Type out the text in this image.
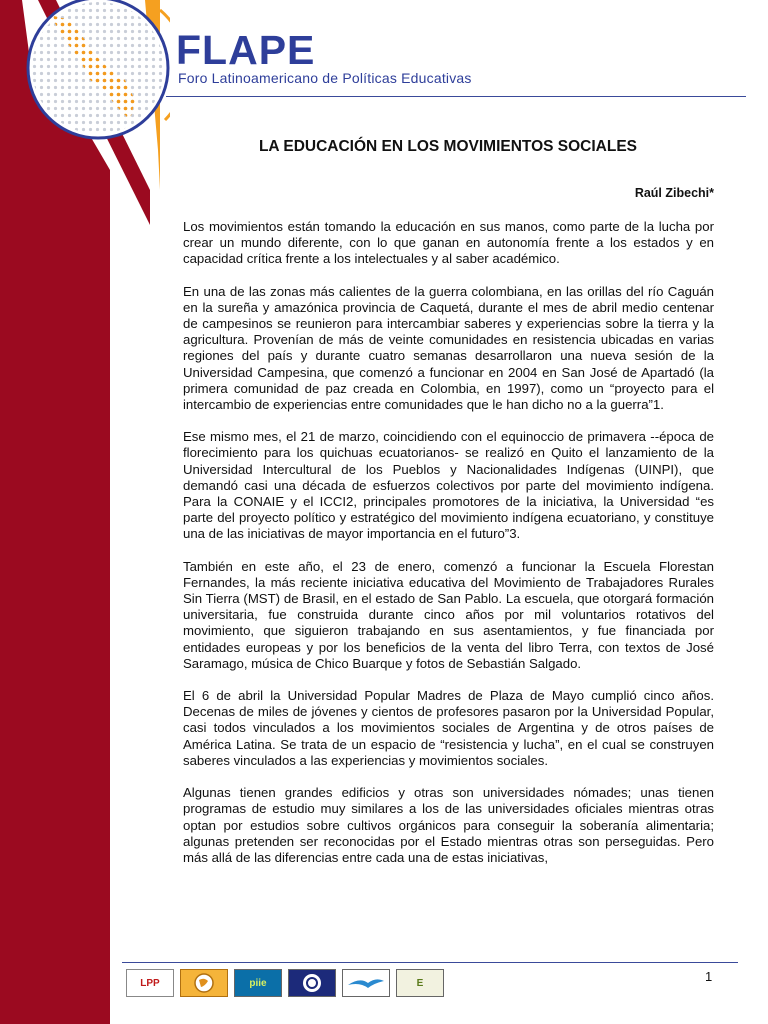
FLAPE
Foro Latinoamericano de Políticas Educativas
LA EDUCACIÓN EN LOS MOVIMIENTOS SOCIALES
Raúl Zibechi*

Los movimientos están tomando la educación en sus manos, como parte de la lucha por crear un mundo diferente, con lo que ganan en autonomía frente a los estados y en capacidad crítica frente a los intelectuales y al saber académico.

En una de las zonas más calientes de la guerra colombiana, en las orillas del río Caguán en la sureña y amazónica provincia de Caquetá, durante el mes de abril medio centenar de campesinos se reunieron para intercambiar saberes y experiencias sobre la tierra y la agricultura. Provenían de más de veinte comunidades en resistencia ubicadas en varias regiones del país y durante cuatro semanas desarrollaron una nueva sesión de la Universidad Campesina, que comenzó a funcionar en 2004 en San José de Apartadó (la primera comunidad de paz creada en Colombia, en 1997), como un “proyecto para el intercambio de experiencias entre comunidades que le han dicho no a la guerra”1.

Ese mismo mes, el 21 de marzo, coincidiendo con el equinoccio de primavera --época de florecimiento para los quichuas ecuatorianos- se realizó en Quito el lanzamiento de la Universidad Intercultural de los Pueblos y Nacionalidades Indígenas (UINPI), que demandó casi una década de esfuerzos colectivos por parte del movimiento indígena. Para la CONAIE y el ICCI2, principales promotores de la iniciativa, la Universidad “es parte del proyecto político y estratégico del movimiento indígena ecuatoriano, y constituye una de las iniciativas de mayor importancia en el futuro”3.

También en este año, el 23 de enero, comenzó a funcionar la Escuela Florestan Fernandes, la más reciente iniciativa educativa del Movimiento de Trabajadores Rurales Sin Tierra (MST) de Brasil, en el estado de San Pablo. La escuela, que otorgará formación universitaria, fue construida durante cinco años por mil voluntarios rotativos del movimiento, que siguieron trabajando en sus asentamientos, y fue financiada por entidades europeas y por los beneficios de la venta del libro Terra, con textos de José Saramago, música de Chico Buarque y fotos de Sebastián Salgado.

El 6 de abril la Universidad Popular Madres de Plaza de Mayo cumplió cinco años. Decenas de miles de jóvenes y cientos de profesores pasaron por la Universidad Popular, casi todos vinculados a los movimientos sociales de Argentina y de otros países de América Latina. Se trata de un espacio de “resistencia y lucha”, en el cual se construyen saberes vinculados a las experiencias y movimientos sociales.

Algunas tienen grandes edificios y otras son universidades nómades; unas tienen programas de estudio muy similares a los de las universidades oficiales mientras otras optan por estudios sobre cultivos orgánicos para conseguir la soberanía alimentaria; algunas pretenden ser reconocidas por el Estado mientras otras son perseguidas. Pero más allá de las diferencias entre cada una de estas iniciativas,

LPP	piie	E	1
